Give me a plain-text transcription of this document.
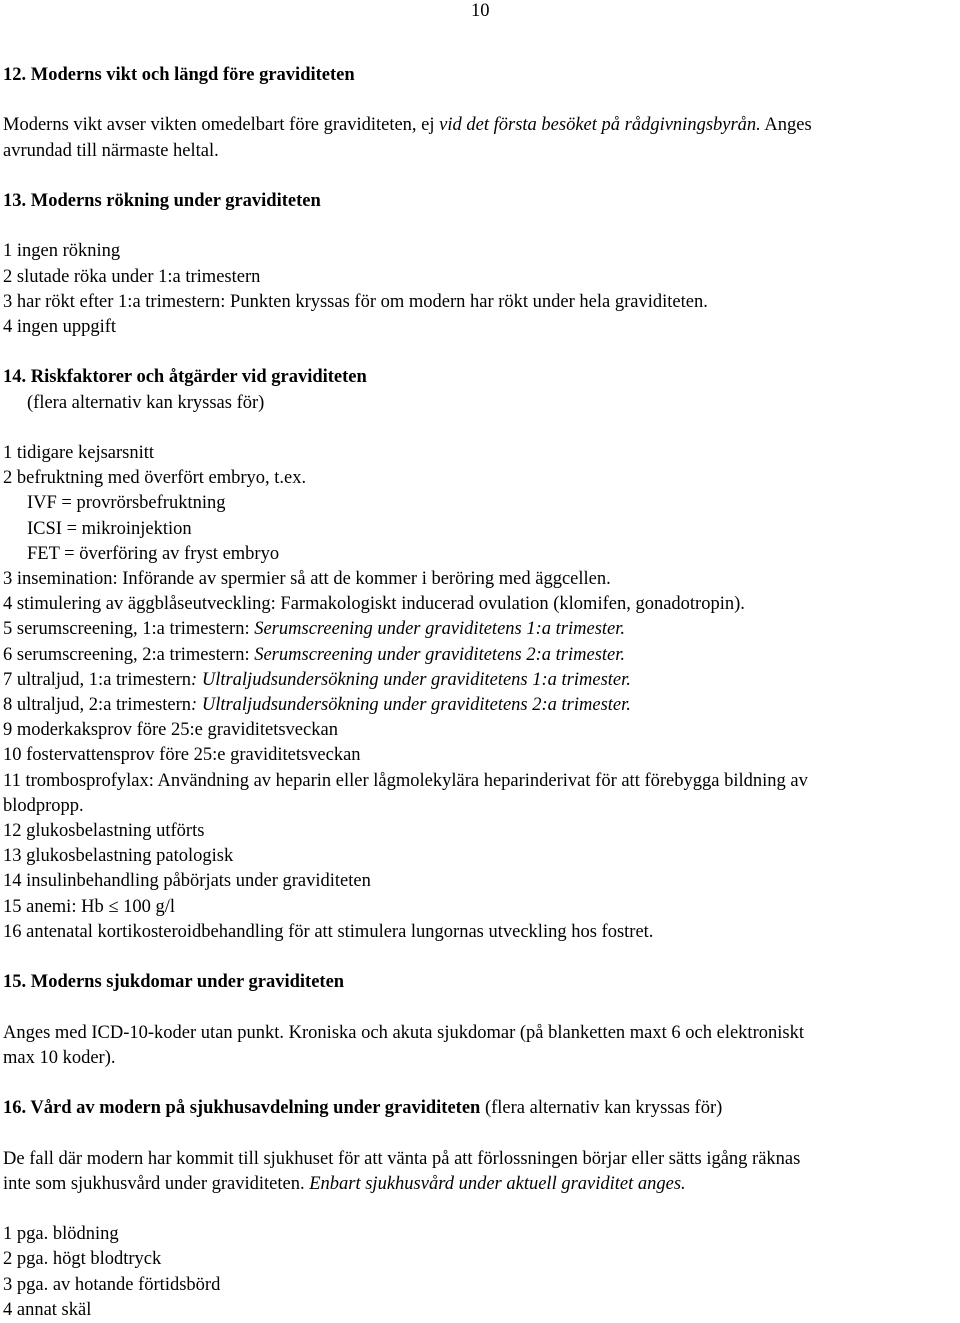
10

12. Moderns vikt och längd före graviditeten

Moderns vikt avser vikten omedelbart före graviditeten, ej vid det första besöket på rådgivningsbyrån. Anges

avrundad till närmaste heltal.

13. Moderns rökning under graviditeten

1 ingen rökning

2 slutade röka under 1:a trimestern

3 har rökt efter 1:a trimestern: Punkten kryssas för om modern har rökt under hela graviditeten.

4 ingen uppgift

14. Riskfaktorer och åtgärder vid graviditeten

(flera alternativ kan kryssas för)

1 tidigare kejsarsnitt

2 befruktning med överfört embryo, t.ex.

IVF = provrörsbefruktning

ICSI = mikroinjektion

FET = överföring av fryst embryo

3 insemination: Införande av spermier så att de kommer i beröring med äggcellen.

4 stimulering av äggblåseutveckling: Farmakologiskt inducerad ovulation (klomifen, gonadotropin).

5 serumscreening, 1:a trimestern: Serumscreening under graviditetens 1:a trimester.

6 serumscreening, 2:a trimestern: Serumscreening under graviditetens 2:a trimester.

7 ultraljud, 1:a trimestern: Ultraljudsundersökning under graviditetens 1:a trimester.

8 ultraljud, 2:a trimestern: Ultraljudsundersökning under graviditetens 2:a trimester.

9 moderkaksprov före 25:e graviditetsveckan

10 fostervattensprov före 25:e graviditetsveckan

11 trombosprofylax: Användning av heparin eller lågmolekylära heparinderivat för att förebygga bildning av

blodpropp.

12 glukosbelastning utförts

13 glukosbelastning patologisk

14 insulinbehandling påbörjats under graviditeten

15 anemi: Hb ≤ 100 g/l

16 antenatal kortikosteroidbehandling för att stimulera lungornas utveckling hos fostret.

15. Moderns sjukdomar under graviditeten

Anges med ICD-10-koder utan punkt. Kroniska och akuta sjukdomar (på blanketten maxt 6 och elektroniskt

max 10 koder).

16. Vård av modern på sjukhusavdelning under graviditeten (flera alternativ kan kryssas för)

De fall där modern har kommit till sjukhuset för att vänta på att förlossningen börjar eller sätts igång räknas

inte som sjukhusvård under graviditeten. Enbart sjukhusvård under aktuell graviditet anges.

1 pga. blödning

2 pga. högt blodtryck

3 pga. av hotande förtidsbörd

4 annat skäl
